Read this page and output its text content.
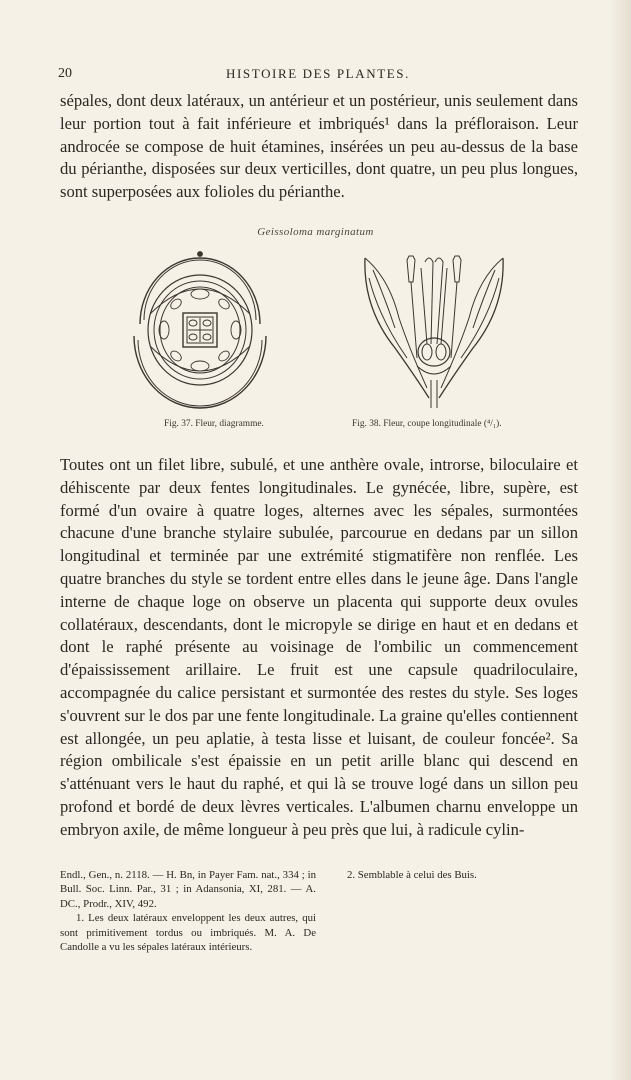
20	HISTOIRE DES PLANTES.

sépales, dont deux latéraux, un antérieur et un postérieur, unis seulement dans leur portion tout à fait inférieure et imbriqués¹ dans la préfloraison. Leur androcée se compose de huit étamines, insérées un peu au-dessus de la base du périanthe, disposées sur deux verticilles, dont quatre, un peu plus longues, sont superposées aux folioles du périanthe.

Geissoloma marginatum
Fig. 37. Fleur, diagramme.	Fig. 38. Fleur, coupe longitudinale (⁴/₁).

Toutes ont un filet libre, subulé, et une anthère ovale, introrse, biloculaire et déhiscente par deux fentes longitudinales. Le gynécée, libre, supère, est formé d'un ovaire à quatre loges, alternes avec les sépales, surmontées chacune d'une branche stylaire subulée, parcourue en dedans par un sillon longitudinal et terminée par une extrémité stigmatifère non renflée. Les quatre branches du style se tordent entre elles dans le jeune âge. Dans l'angle interne de chaque loge on observe un placenta qui supporte deux ovules collatéraux, descendants, dont le micropyle se dirige en haut et en dedans et dont le raphé présente au voisinage de l'ombilic un commencement d'épaississement arillaire. Le fruit est une capsule quadriloculaire, accompagnée du calice persistant et surmontée des restes du style. Ses loges s'ouvrent sur le dos par une fente longitudinale. La graine qu'elles contiennent est allongée, un peu aplatie, à testa lisse et luisant, de couleur foncée². Sa région ombilicale s'est épaissie en un petit arille blanc qui descend en s'atténuant vers le haut du raphé, et qui là se trouve logé dans un sillon peu profond et bordé de deux lèvres verticales. L'albumen charnu enveloppe un embryon axile, de même longueur à peu près que lui, à radicule cylin-

Endl., Gen., n. 2118. — H. Bn, in Payer Fam. nat., 334 ; in Bull. Soc. Linn. Par., 31 ; in Adansonia, XI, 281. — A. DC., Prodr., XIV, 492.
1. Les deux latéraux enveloppent les deux autres, qui sont primitivement tordus ou imbriqués. M. A. De Candolle a vu les sépales latéraux intérieurs.
2. Semblable à celui des Buis.
